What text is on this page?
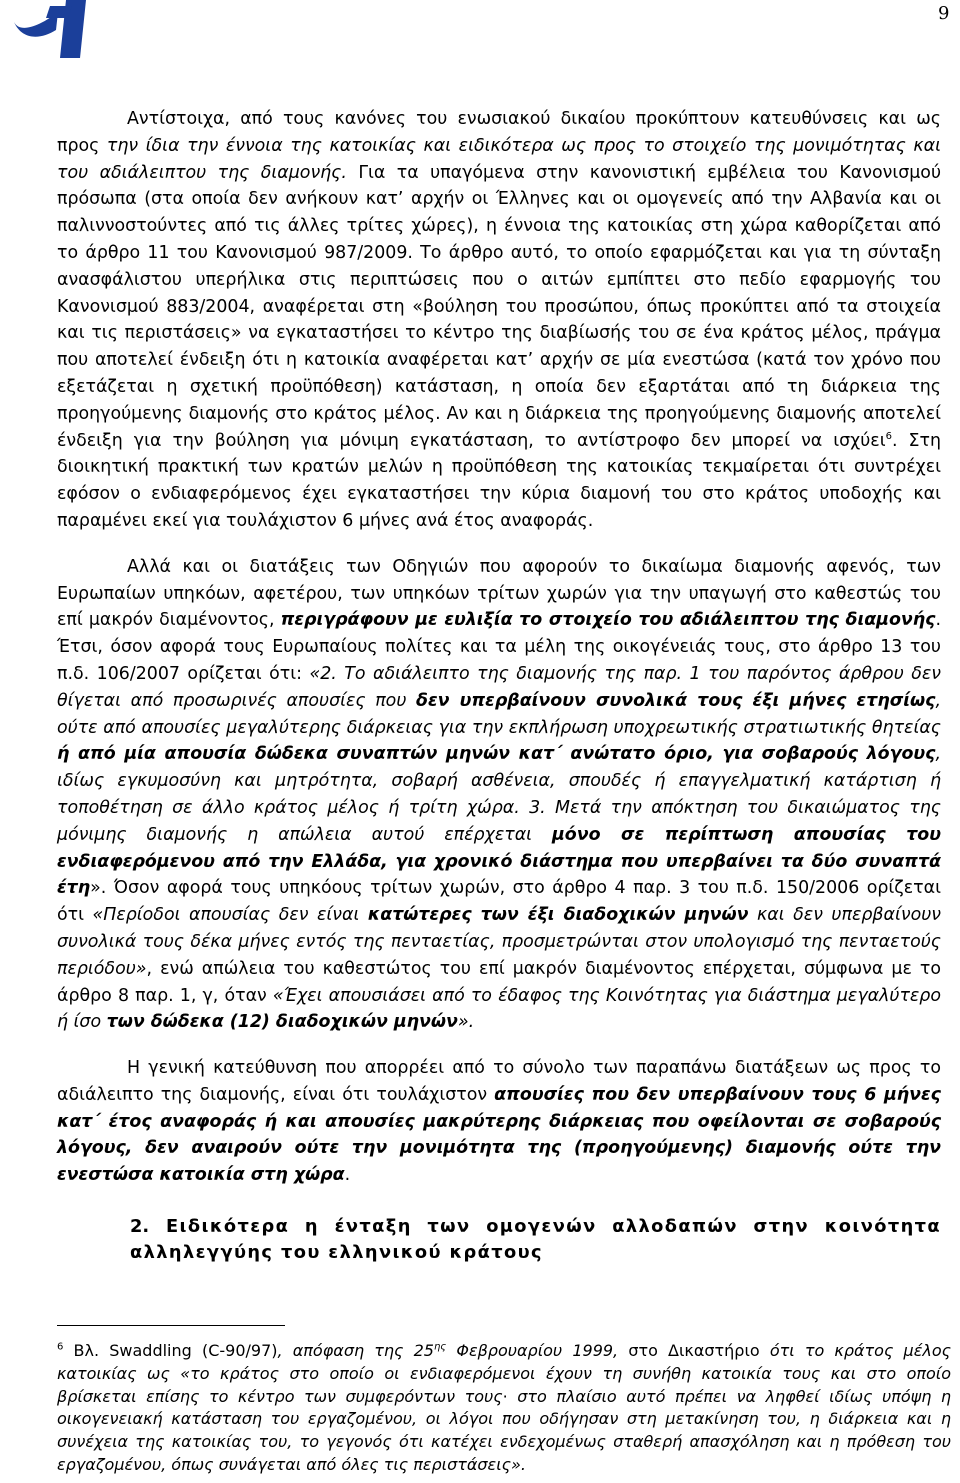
9
Αντίστοιχα, από τους κανόνες του ενωσιακού δικαίου προκύπτουν κατευθύνσεις και ως προς την ίδια την έννοια της κατοικίας και ειδικότερα ως προς το στοιχείο της μονιμότητας και του αδιάλειπτου της διαμονής. Για τα υπαγόμενα στην κανονιστική εμβέλεια του Κανονισμού πρόσωπα (στα οποία δεν ανήκουν κατ’ αρχήν οι Έλληνες και οι ομογενείς από την Αλβανία και οι παλιννοστούντες από τις άλλες τρίτες χώρες), η έννοια της κατοικίας στη χώρα καθορίζεται από το άρθρο 11 του Κανονισμού 987/2009. Το άρθρο αυτό, το οποίο εφαρμόζεται και για τη σύνταξη ανασφάλιστου υπερήλικα στις περιπτώσεις που ο αιτών εμπίπτει στο πεδίο εφαρμογής του Κανονισμού 883/2004, αναφέρεται στη «βούληση του προσώπου, όπως προκύπτει από τα στοιχεία και τις περιστάσεις» να εγκαταστήσει το κέντρο της διαβίωσής του σε ένα κράτος μέλος, πράγμα που αποτελεί ένδειξη ότι η κατοικία αναφέρεται κατ’ αρχήν σε μία ενεστώσα (κατά τον χρόνο που εξετάζεται η σχετική προϋπόθεση) κατάσταση, η οποία δεν εξαρτάται από τη διάρκεια της προηγούμενης διαμονής στο κράτος μέλος. Αν και η διάρκεια της προηγούμενης διαμονής αποτελεί ένδειξη για την βούληση για μόνιμη εγκατάσταση, το αντίστροφο δεν μπορεί να ισχύει$^6$. Στη διοικητική πρακτική των κρατών μελών η προϋπόθεση της κατοικίας τεκμαίρεται ότι συντρέχει εφόσον ο ενδιαφερόμενος έχει εγκαταστήσει την κύρια διαμονή του στο κράτος υποδοχής και παραμένει εκεί για τουλάχιστον 6 μήνες ανά έτος αναφοράς.
Αλλά και οι διατάξεις των Οδηγιών που αφορούν το δικαίωμα διαμονής αφενός, των Ευρωπαίων υπηκόων, αφετέρου, των υπηκόων τρίτων χωρών για την υπαγωγή στο καθεστώς του επί μακρόν διαμένοντος, περιγράφουν με ευλιξία το στοιχείο του αδιάλειπτου της διαμονής. Έτσι, όσον αφορά τους Ευρωπαίους πολίτες και τα μέλη της οικογένειάς τους, στο άρθρο 13 του π.δ. 106/2007 ορίζεται ότι: «2. Το αδιάλειπτο της διαμονής της παρ. 1 του παρόντος άρθρου δεν θίγεται από προσωρινές απουσίες που δεν υπερβαίνουν συνολικά τους έξι μήνες ετησίως, ούτε από απουσίες μεγαλύτερης διάρκειας για την εκπλήρωση υποχρεωτικής στρατιωτικής θητείας ή από μία απουσία δώδεκα συναπτών μηνών κατ΄ ανώτατο όριο, για σοβαρούς λόγους, ιδίως εγκυμοσύνη και μητρότητα, σοβαρή ασθένεια, σπουδές ή επαγγελματική κατάρτιση ή τοποθέτηση σε άλλο κράτος μέλος ή τρίτη χώρα. 3. Μετά την απόκτηση του δικαιώματος της μόνιμης διαμονής η απώλεια αυτού επέρχεται μόνο σε περίπτωση απουσίας του ενδιαφερόμενου από την Ελλάδα, για χρονικό διάστημα που υπερβαίνει τα δύο συναπτά έτη». Όσον αφορά τους υπηκόους τρίτων χωρών, στο άρθρο 4 παρ. 3 του π.δ. 150/2006 ορίζεται ότι «Περίοδοι απουσίας δεν είναι κατώτερες των έξι διαδοχικών μηνών και δεν υπερβαίνουν συνολικά τους δέκα μήνες εντός της πενταετίας, προσμετρώνται στον υπολογισμό της πενταετούς περιόδου», ενώ απώλεια του καθεστώτος του επί μακρόν διαμένοντος επέρχεται, σύμφωνα με το άρθρο 8 παρ. 1, γ, όταν «Έχει απουσιάσει από το έδαφος της Κοινότητας για διάστημα μεγαλύτερο ή ίσο των δώδεκα (12) διαδοχικών μηνών».
Η γενική κατεύθυνση που απορρέει από το σύνολο των παραπάνω διατάξεων ως προς το αδιάλειπτο της διαμονής, είναι ότι τουλάχιστον απουσίες που δεν υπερβαίνουν τους 6 μήνες κατ΄ έτος αναφοράς ή και απουσίες μακρύτερης διάρκειας που οφείλονται σε σοβαρούς λόγους, δεν αναιρούν ούτε την μονιμότητα της (προηγούμενης) διαμονής ούτε την ενεστώσα κατοικία στη χώρα.
2. Ειδικότερα η ένταξη των ομογενών αλλοδαπών στην κοινότητα αλληλεγγύης του ελληνικού κράτους
$^6$ Βλ. Swaddling (C-90/97), απόφαση της $25^{\eta\varsigma}$ Φεβρουαρίου 1999, στο Δικαστήριο ότι το κράτος μέλος κατοικίας ως «το κράτος στο οποίο οι ενδιαφερόμενοι έχουν τη συνήθη κατοικία τους και στο οποίο βρίσκεται επίσης το κέντρο των συμφερόντων τους· στο πλαίσιο αυτό πρέπει να ληφθεί ιδίως υπόψη η οικογενειακή κατάσταση του εργαζομένου, οι λόγοι που οδήγησαν στη μετακίνηση του, η διάρκεια και η συνέχεια της κατοικίας του, το γεγονός ότι κατέχει ενδεχομένως σταθερή απασχόληση και η πρόθεση του εργαζομένου, όπως συνάγεται από όλες τις περιστάσεις».
